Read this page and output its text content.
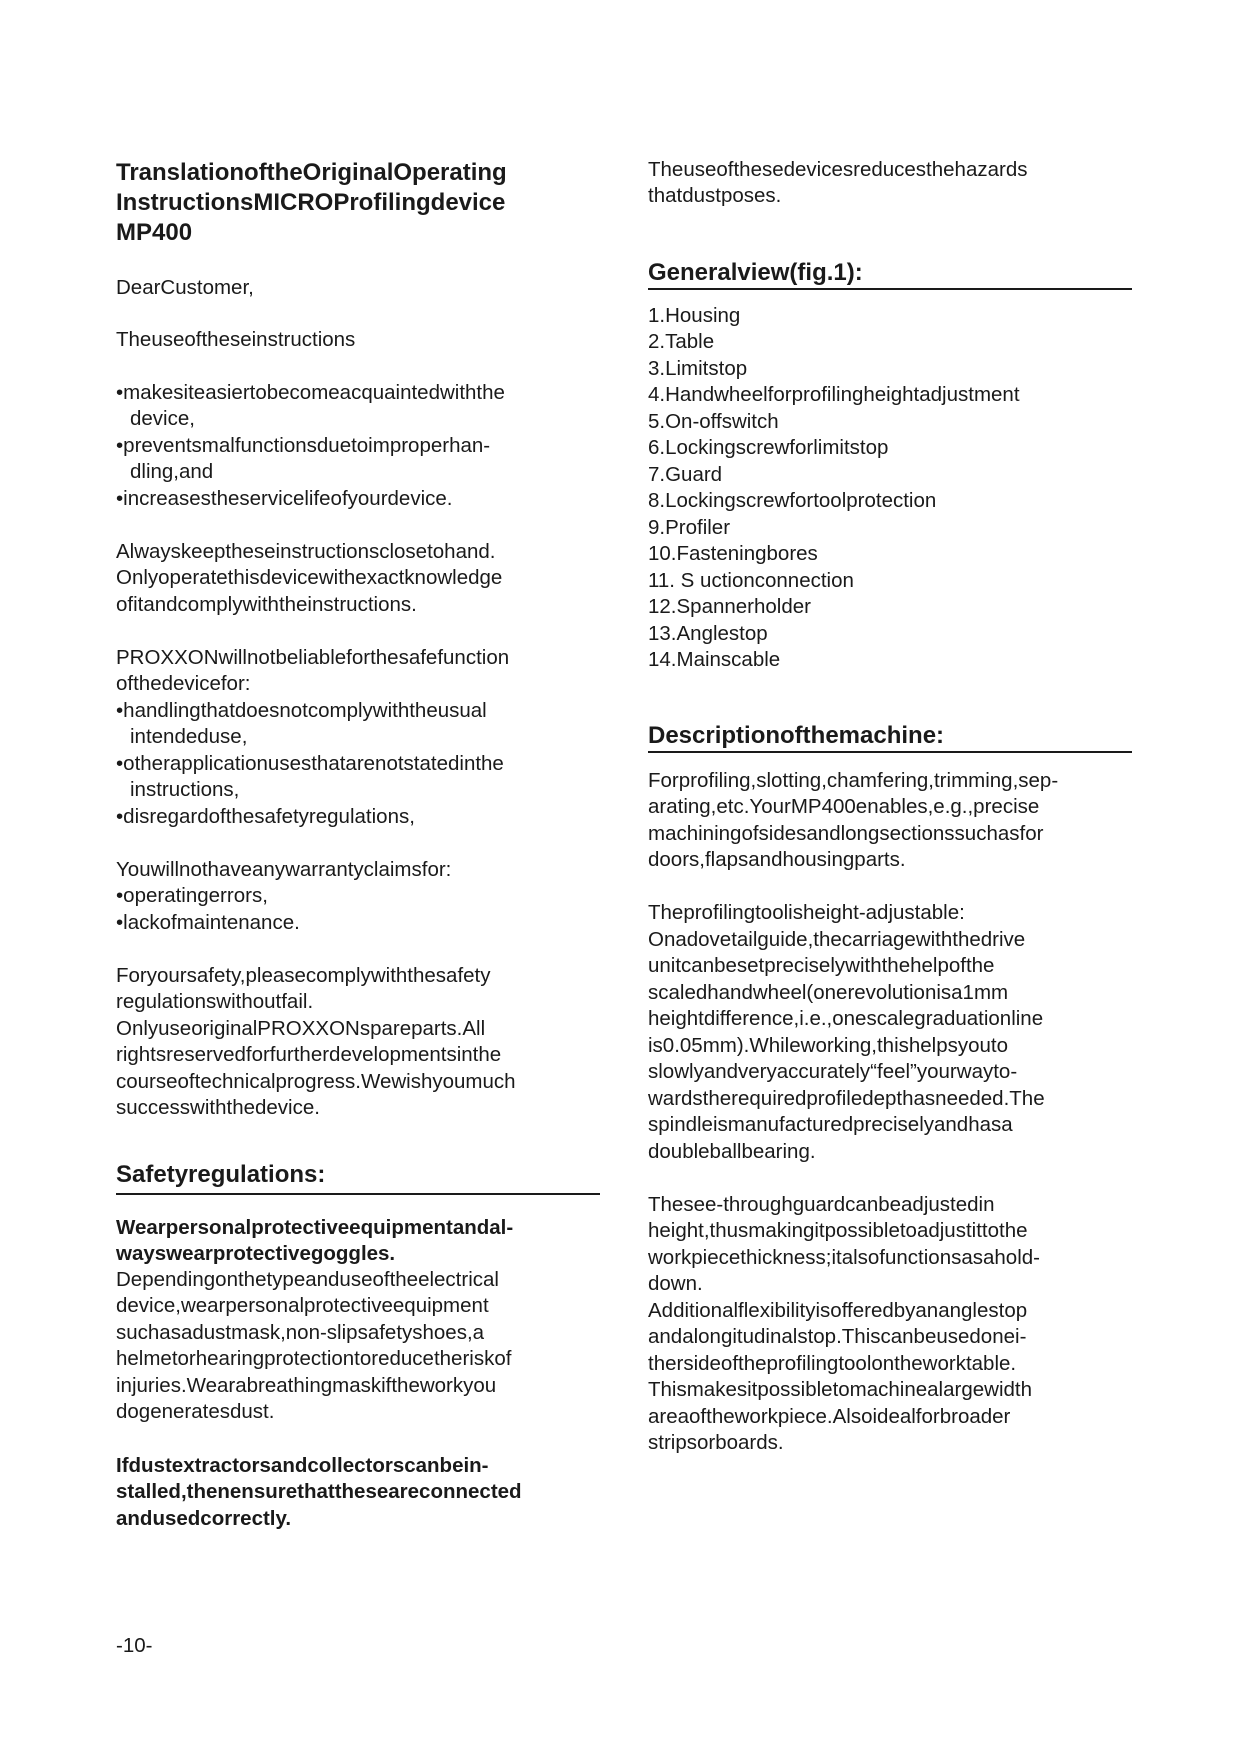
TranslationoftheOriginalOperating
InstructionsMICROProfilingdevice
MP400
DearCustomer,
Theuseoftheseinstructions
•makesiteasiertobecomeacquaintedwiththe
device,
•preventsmalfunctionsduetoimproperhan-
dling,and
•increasestheservicelifeofyourdevice.
Alwayskeeptheseinstructionsclosetohand.
Onlyoperatethisdevicewithexactknowledge
ofitandcomplywiththeinstructions.
PROXXONwillnotbeliableforthesafefunction
ofthedevicefor:
•handlingthatdoesnotcomplywiththeusual
intendeduse,
•otherapplicationusesthatarenotstatedinthe
instructions,
•disregardofthesafetyregulations,
Youwillnothaveanywarrantyclaimsfor:
•operatingerrors,
•lackofmaintenance.
Foryoursafety,pleasecomplywiththesafety
regulationswithoutfail.
OnlyuseoriginalPROXXONspareparts.All
rightsreservedforfurtherdevelopmentsinthe
courseoftechnicalprogress.Wewishyoumuch
successwiththedevice.
Safetyregulations:
Wearpersonalprotectiveequipmentandal-
wayswearprotectivegoggles.
Dependingonthetypeanduseoftheelectrical
device,wearpersonalprotectiveequipment
suchasadustmask,non-slipsafetyshoes,a
helmetorhearingprotectiontoreducetheriskof
injuries.Wearabreathingmaskiftheworkyou
dogeneratesdust.
Ifdustextractorsandcollectorscanbein-
stalled,thenensurethattheseareconnected
andusedcorrectly.
Theuseofthesedevicesreducesthehazards
thatdustposes.
Generalview(fig.1):
1.Housing
2.Table
3.Limitstop
4.Handwheelforprofilingheightadjustment
5.On-offswitch
6.Lockingscrewforlimitstop
7.Guard
8.Lockingscrewfortoolprotection
9.Profiler
10.Fasteningbores
11. S uctionconnection
12.Spannerholder
13.Anglestop
14.Mainscable
Descriptionofthemachine:
Forprofiling,slotting,chamfering,trimming,sep-
arating,etc.YourMP400enables,e.g.,precise
machiningofsidesandlongsectionssuchasfor
doors,flapsandhousingparts.
Theprofilingtoolisheight-adjustable:
Onadovetailguide,thecarriagewiththedrive
unitcanbesetpreciselywiththehelpofthe
scaledhandwheel(onerevolutionisa1mm
heightdifference,i.e.,onescalegraduationline
is0.05mm).Whileworking,thishelpsyouto
slowlyandveryaccurately“feel”yourwayto-
wardstherequiredprofiledepthasneeded.The
spindleismanufacturedpreciselyandhasa
doubleballbearing.
Thesee-throughguardcanbeadjustedin
height,thusmakingitpossibletoadjustittothe
workpiecethickness;italsofunctionsasahold-
down.
Additionalflexibilityisofferedbyananglestop
andalongitudinalstop.Thiscanbeusedonei-
thersideoftheprofilingtoolontheworktable.
Thismakesitpossibletomachinealargewidth
areaoftheworkpiece.Alsoidealforbroader
stripsorboards.
-10-
